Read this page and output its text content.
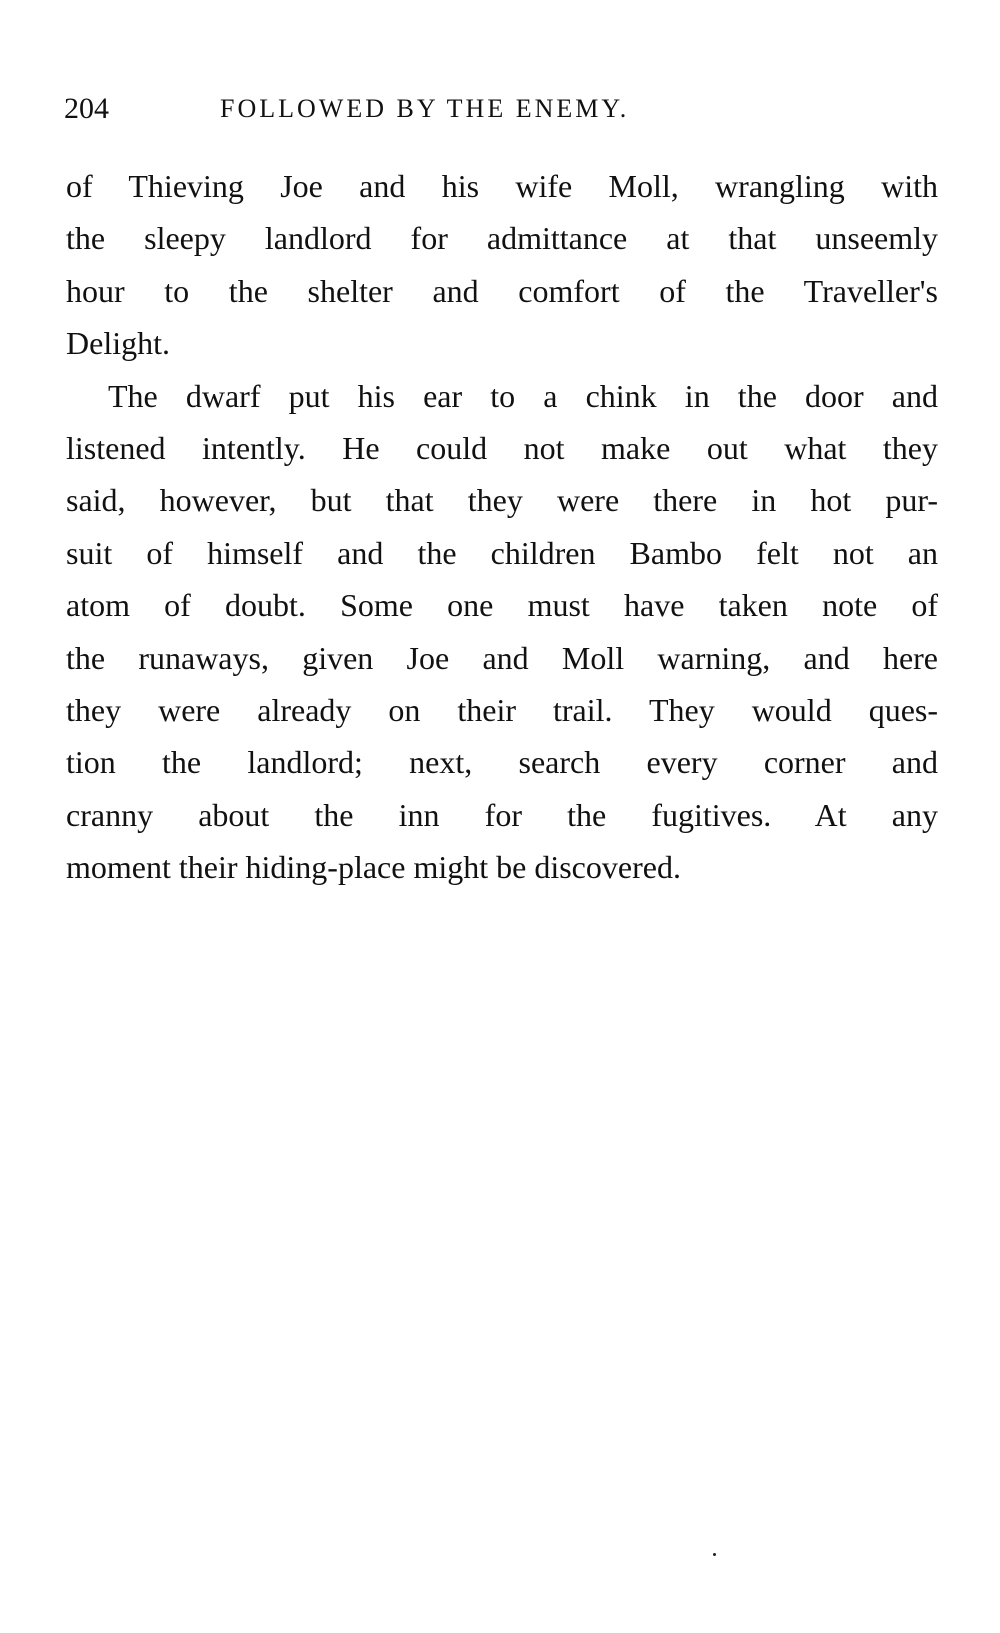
204	FOLLOWED BY THE ENEMY.
of Thieving Joe and his wife Moll, wrangling with
the sleepy landlord for admittance at that unseemly
hour to the shelter and comfort of the Traveller's
Delight.
The dwarf put his ear to a chink in the door and
listened intently. He could not make out what they
said, however, but that they were there in hot pur-
suit of himself and the children Bambo felt not an
atom of doubt. Some one must have taken note of
the runaways, given Joe and Moll warning, and here
they were already on their trail. They would ques-
tion the landlord; next, search every corner and
cranny about the inn for the fugitives. At any
moment their hiding-place might be discovered.
